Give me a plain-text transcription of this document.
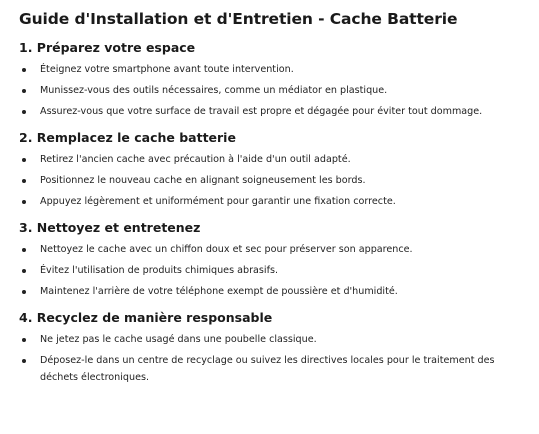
Guide d'Installation et d'Entretien - Cache Batterie
1. Préparez votre espace
Éteignez votre smartphone avant toute intervention.
Munissez-vous des outils nécessaires, comme un médiator en plastique.
Assurez-vous que votre surface de travail est propre et dégagée pour éviter tout dommage.
2. Remplacez le cache batterie
Retirez l'ancien cache avec précaution à l'aide d'un outil adapté.
Positionnez le nouveau cache en alignant soigneusement les bords.
Appuyez légèrement et uniformément pour garantir une fixation correcte.
3. Nettoyez et entretenez
Nettoyez le cache avec un chiffon doux et sec pour préserver son apparence.
Évitez l'utilisation de produits chimiques abrasifs.
Maintenez l'arrière de votre téléphone exempt de poussière et d'humidité.
4. Recyclez de manière responsable
Ne jetez pas le cache usagé dans une poubelle classique.
Déposez-le dans un centre de recyclage ou suivez les directives locales pour le traitement des déchets électroniques.
